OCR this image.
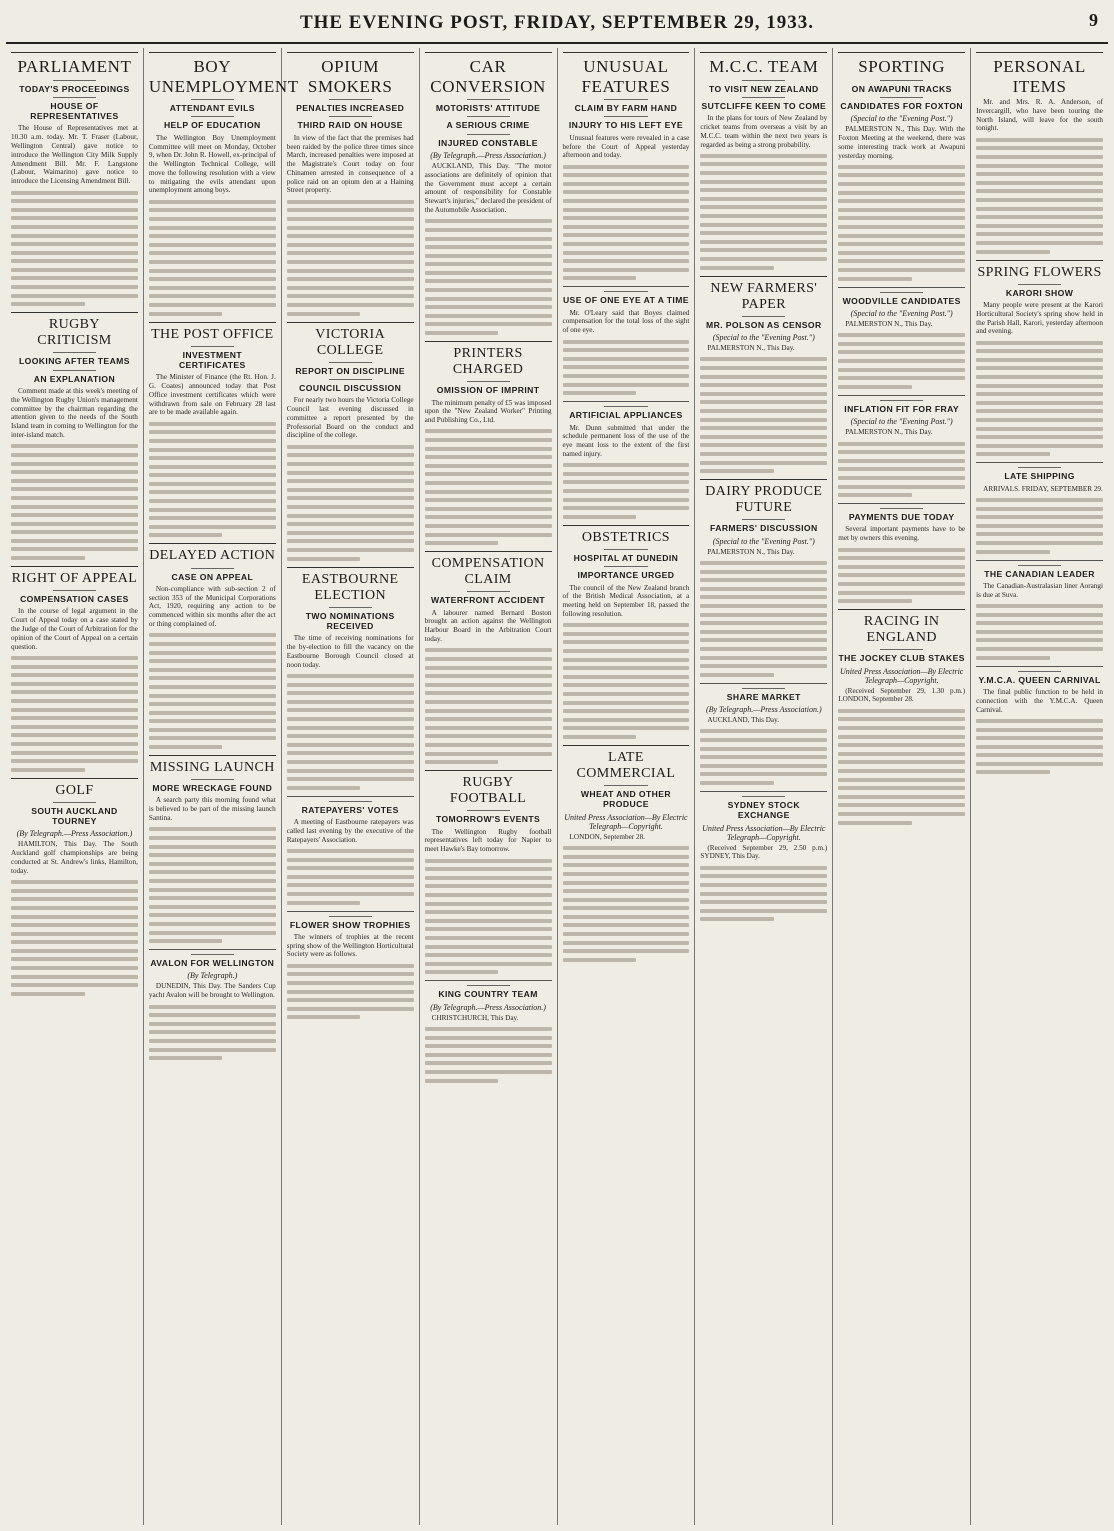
THE EVENING POST, FRIDAY, SEPTEMBER 29, 1933.	9
PARLIAMENT
TODAY'S PROCEEDINGS
HOUSE OF REPRESENTATIVES

The House of Representatives met at 10.30 a.m. today. Mr. T. Fraser (Labour, Wellington Central) gave notice to introduce the Wellington City Milk Supply Amendment Bill. Mr. F. Langstone (Labour, Waimarino) gave notice to introduce the Licensing Amendment Bill.

RUGBY CRITICISM
LOOKING AFTER TEAMS
AN EXPLANATION

Comment made at this week's meeting of the Wellington Rugby Union's management committee by the chairman regarding the attention given to the needs of the South Island team in coming to Wellington for the inter-island match.

RIGHT OF APPEAL
COMPENSATION CASES

In the course of legal argument in the Court of Appeal today on a case stated by the Judge of the Court of Arbitration for the opinion of the Court of Appeal on a certain question.

GOLF
SOUTH AUCKLAND TOURNEY
(By Telegraph.—Press Association.)

HAMILTON, This Day. The South Auckland golf championships are being conducted at St. Andrew's links, Hamilton, today.

BOY UNEMPLOYMENT
ATTENDANT EVILS
HELP OF EDUCATION

The Wellington Boy Unemployment Committee will meet on Monday, October 9, when Dr. John R. Howell, ex-principal of the Wellington Technical College, will move the following resolution with a view to mitigating the evils attendant upon unemployment among boys.

THE POST OFFICE
INVESTMENT CERTIFICATES

The Minister of Finance (the Rt. Hon. J. G. Coates) announced today that Post Office investment certificates which were withdrawn from sale on February 28 last are to be made available again.

DELAYED ACTION
CASE ON APPEAL

Non-compliance with sub-section 2 of section 353 of the Municipal Corporations Act, 1920, requiring any action to be commenced within six months after the act or thing complained of.

MISSING LAUNCH
MORE WRECKAGE FOUND

A search party this morning found what is believed to be part of the missing launch Santina.

AVALON FOR WELLINGTON
(By Telegraph.)

DUNEDIN, This Day. The Sanders Cup yacht Avalon will be brought to Wellington.

OPIUM SMOKERS
PENALTIES INCREASED
THIRD RAID ON HOUSE

In view of the fact that the premises had been raided by the police three times since March, increased penalties were imposed at the Magistrate's Court today on four Chinamen arrested in consequence of a police raid on an opium den at a Haining Street property.

VICTORIA COLLEGE
REPORT ON DISCIPLINE
COUNCIL DISCUSSION

For nearly two hours the Victoria College Council last evening discussed in committee a report presented by the Professorial Board on the conduct and discipline of the college.

EASTBOURNE ELECTION
TWO NOMINATIONS RECEIVED

The time of receiving nominations for the by-election to fill the vacancy on the Eastbourne Borough Council closed at noon today.

RATEPAYERS' VOTES

A meeting of Eastbourne ratepayers was called last evening by the executive of the Ratepayers' Association.

FLOWER SHOW TROPHIES

The winners of trophies at the recent spring show of the Wellington Horticultural Society were as follows.

CAR CONVERSION
MOTORISTS' ATTITUDE
A SERIOUS CRIME
INJURED CONSTABLE
(By Telegraph.—Press Association.)

AUCKLAND, This Day. "The motor associations are definitely of opinion that the Government must accept a certain amount of responsibility for Constable Stewart's injuries," declared the president of the Automobile Association.

PRINTERS CHARGED
OMISSION OF IMPRINT

The minimum penalty of £5 was imposed upon the "New Zealand Worker" Printing and Publishing Co., Ltd.

COMPENSATION CLAIM
WATERFRONT ACCIDENT

A labourer named Bernard Boston brought an action against the Wellington Harbour Board in the Arbitration Court today.

RUGBY FOOTBALL
TOMORROW'S EVENTS

The Wellington Rugby football representatives left today for Napier to meet Hawke's Bay tomorrow.

KING COUNTRY TEAM
(By Telegraph.—Press Association.)

CHRISTCHURCH, This Day.

UNUSUAL FEATURES
CLAIM BY FARM HAND
INJURY TO HIS LEFT EYE

Unusual features were revealed in a case before the Court of Appeal yesterday afternoon and today.

USE OF ONE EYE AT A TIME

Mr. O'Leary said that Boyes claimed compensation for the total loss of the sight of one eye.

ARTIFICIAL APPLIANCES

Mr. Dunn submitted that under the schedule permanent loss of the use of the eye meant loss to the extent of the first named injury.

OBSTETRICS
HOSPITAL AT DUNEDIN
IMPORTANCE URGED

The council of the New Zealand branch of the British Medical Association, at a meeting held on September 18, passed the following resolution.

LATE COMMERCIAL
WHEAT AND OTHER PRODUCE
United Press Association—By Electric Telegraph—Copyright.

LONDON, September 28.

M.C.C. TEAM
TO VISIT NEW ZEALAND
SUTCLIFFE KEEN TO COME

In the plans for tours of New Zealand by cricket teams from overseas a visit by an M.C.C. team within the next two years is regarded as being a strong probability.

NEW FARMERS' PAPER
MR. POLSON AS CENSOR
(Special to the "Evening Post.")

PALMERSTON N., This Day.

DAIRY PRODUCE FUTURE
FARMERS' DISCUSSION
(Special to the "Evening Post.")

PALMERSTON N., This Day.

SHARE MARKET
(By Telegraph.—Press Association.)

AUCKLAND, This Day.

SYDNEY STOCK EXCHANGE
United Press Association—By Electric Telegraph—Copyright.

(Received September 29, 2.50 p.m.) SYDNEY, This Day.

SPORTING
ON AWAPUNI TRACKS
CANDIDATES FOR FOXTON
(Special to the "Evening Post.")

PALMERSTON N., This Day. With the Foxton Meeting at the weekend, there was some interesting track work at Awapuni yesterday morning.

WOODVILLE CANDIDATES
(Special to the "Evening Post.")

PALMERSTON N., This Day.

INFLATION FIT FOR FRAY
(Special to the "Evening Post.")

PALMERSTON N., This Day.

PAYMENTS DUE TODAY

Several important payments have to be met by owners this evening.

RACING IN ENGLAND
THE JOCKEY CLUB STAKES
United Press Association—By Electric Telegraph—Copyright.

(Received September 29, 1.30 p.m.) LONDON, September 28.

PERSONAL ITEMS

Mr. and Mrs. R. A. Anderson, of Invercargill, who have been touring the North Island, will leave for the south tonight.

SPRING FLOWERS
KARORI SHOW

Many people were present at the Karori Horticultural Society's spring show held in the Parish Hall, Karori, yesterday afternoon and evening.

LATE SHIPPING

ARRIVALS. FRIDAY, SEPTEMBER 29.

THE CANADIAN LEADER

The Canadian-Australasian liner Aorangi is due at Suva.

Y.M.C.A. QUEEN CARNIVAL

The final public function to be held in connection with the Y.M.C.A. Queen Carnival.
